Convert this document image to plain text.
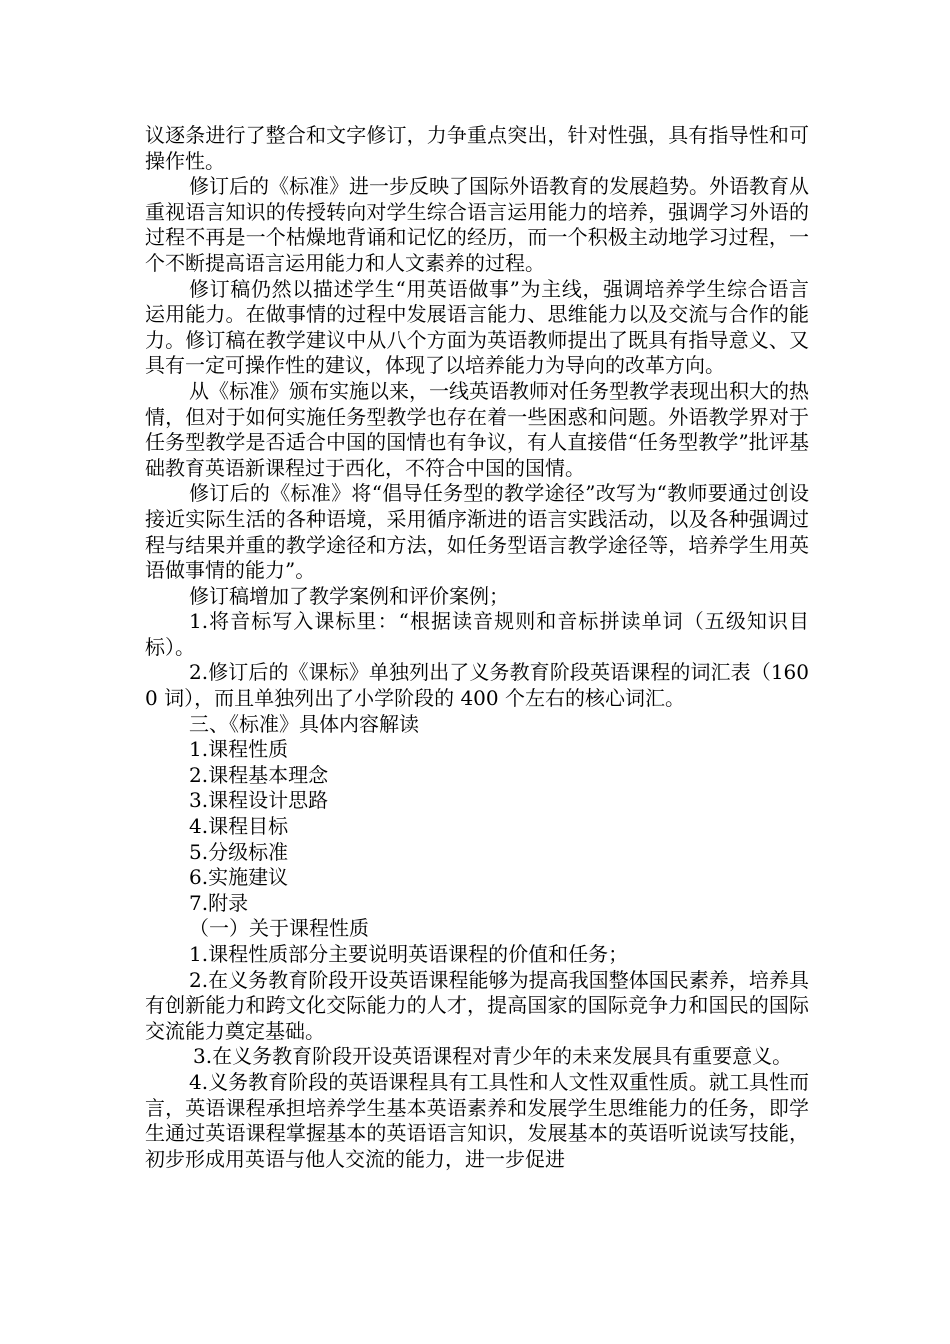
议逐条进行了整合和文字修订，力争重点突出，针对性强，具有指导性和可操作性。

修订后的《标准》进一步反映了国际外语教育的发展趋势。外语教育从重视语言知识的传授转向对学生综合语言运用能力的培养，强调学习外语的过程不再是一个枯燥地背诵和记忆的经历，而一个积极主动地学习过程，一个不断提高语言运用能力和人文素养的过程。

修订稿仍然以描述学生“用英语做事”为主线，强调培养学生综合语言运用能力。在做事情的过程中发展语言能力、思维能力以及交流与合作的能力。修订稿在教学建议中从八个方面为英语教师提出了既具有指导意义、又具有一定可操作性的建议，体现了以培养能力为导向的改革方向。

从《标准》颁布实施以来，一线英语教师对任务型教学表现出积大的热情，但对于如何实施任务型教学也存在着一些困惑和问题。外语教学界对于任务型教学是否适合中国的国情也有争议，有人直接借“任务型教学”批评基础教育英语新课程过于西化，不符合中国的国情。

修订后的《标准》将“倡导任务型的教学途径”改写为“教师要通过创设接近实际生活的各种语境，采用循序渐进的语言实践活动，以及各种强调过程与结果并重的教学途径和方法，如任务型语言教学途径等，培养学生用英语做事情的能力”。

修订稿增加了教学案例和评价案例；

1.将音标写入课标里：“根据读音规则和音标拼读单词（五级知识目标）。

2.修订后的《课标》单独列出了义务教育阶段英语课程的词汇表（1600 词），而且单独列出了小学阶段的 400 个左右的核心词汇。

三、《标准》具体内容解读

1.课程性质

2.课程基本理念

3.课程设计思路

4.课程目标

5.分级标准

6.实施建议

7.附录

（一）关于课程性质

1.课程性质部分主要说明英语课程的价值和任务；

2.在义务教育阶段开设英语课程能够为提高我国整体国民素养，培养具有创新能力和跨文化交际能力的人才，提高国家的国际竞争力和国民的国际交流能力奠定基础。

3.在义务教育阶段开设英语课程对青少年的未来发展具有重要意义。

4.义务教育阶段的英语课程具有工具性和人文性双重性质。就工具性而言，英语课程承担培养学生基本英语素养和发展学生思维能力的任务，即学生通过英语课程掌握基本的英语语言知识，发展基本的英语听说读写技能，初步形成用英语与他人交流的能力，进一步促进
